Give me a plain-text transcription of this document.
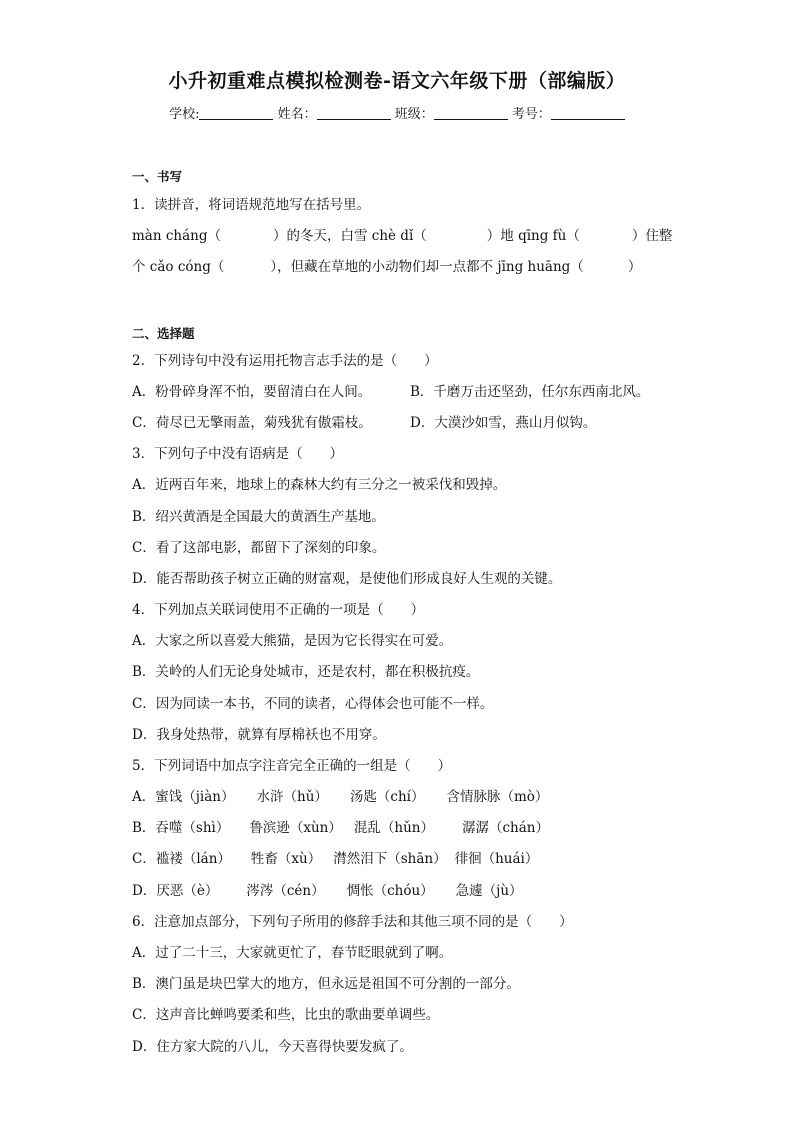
小升初重难点模拟检测卷-语文六年级下册（部编版）
学校:	姓名：	班级：	考号：
一、书写
1．读拼音，将词语规范地写在括号里。
màn cháng（	）的冬天，白雪 chè dǐ（	）地 qīng fù（	）住整
个 cǎo cóng（	），但藏在草地的小动物们却一点都不 jīng huāng（	）
二、选择题
2．下列诗句中没有运用托物言志手法的是（　　）
A．粉骨碎身浑不怕，要留清白在人间。	B．千磨万击还坚劲，任尔东西南北风。
C．荷尽已无擎雨盖，菊残犹有傲霜枝。	D．大漠沙如雪，燕山月似钩。
3．下列句子中没有语病是（　　）
A．近两百年来，地球上的森林大约有三分之一被采伐和毁掉。
B．绍兴黄酒是全国最大的黄酒生产基地。
C．看了这部电影，都留下了深刻的印象。
D．能否帮助孩子树立正确的财富观，是使他们形成良好人生观的关键。
4．下列加点关联词使用不正确的一项是（　　）
A．大家之所以喜爱大熊猫，是因为它长得实在可爱。
B．关岭的人们无论身处城市，还是农村，都在积极抗疫。
C．因为同读一本书，不同的读者，心得体会也可能不一样。
D．我身处热带，就算有厚棉袄也不用穿。
5．下列词语中加点字注音完全正确的一组是（　　）
A．蜜饯（jiàn） 水浒（hǔ） 汤匙（chí） 含情脉脉（mò）
B．吞噬（shì） 鲁滨逊（xùn） 混乱（hǔn） 潺潺（chán）
C．褴褛（lán） 牲畜（xù） 潸然泪下（shān） 徘徊（huái）
D．厌恶（è） 涔涔（cén） 惆怅（chóu） 急遽（jù）
6．注意加点部分，下列句子所用的修辞手法和其他三项不同的是（　　）
A．过了二十三，大家就更忙了，春节眨眼就到了啊。
B．澳门虽是块巴掌大的地方，但永远是祖国不可分割的一部分。
C．这声音比蝉鸣要柔和些，比虫的歌曲要单调些。
D．住方家大院的八儿，今天喜得快要发疯了。
